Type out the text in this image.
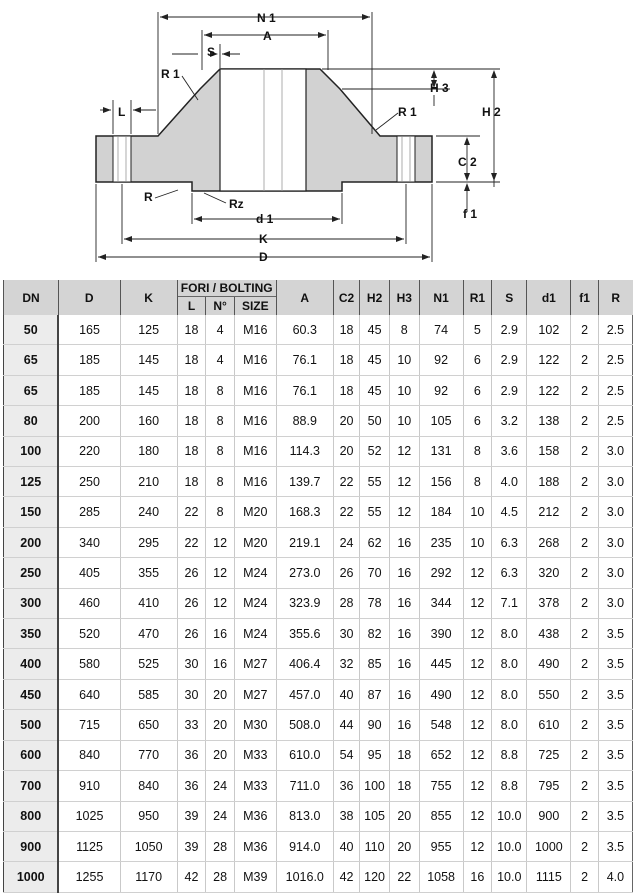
N 1
A
S
R 1
H 3
H 2
R 1
L
C 2
R	Rz
f 1
d 1
K
D
DN	D	K	FORI / BOLTING			A	C2	H2	H3	N1	R1	S	d1	f1	R
			L	N°	SIZE										
50	165	125	18	4	M16	60.3	18	45	8	74	5	2.9	102	2	2.5
65	185	145	18	4	M16	76.1	18	45	10	92	6	2.9	122	2	2.5
65	185	145	18	8	M16	76.1	18	45	10	92	6	2.9	122	2	2.5
80	200	160	18	8	M16	88.9	20	50	10	105	6	3.2	138	2	2.5
100	220	180	18	8	M16	114.3	20	52	12	131	8	3.6	158	2	3.0
125	250	210	18	8	M16	139.7	22	55	12	156	8	4.0	188	2	3.0
150	285	240	22	8	M20	168.3	22	55	12	184	10	4.5	212	2	3.0
200	340	295	22	12	M20	219.1	24	62	16	235	10	6.3	268	2	3.0
250	405	355	26	12	M24	273.0	26	70	16	292	12	6.3	320	2	3.0
300	460	410	26	12	M24	323.9	28	78	16	344	12	7.1	378	2	3.0
350	520	470	26	16	M24	355.6	30	82	16	390	12	8.0	438	2	3.5
400	580	525	30	16	M27	406.4	32	85	16	445	12	8.0	490	2	3.5
450	640	585	30	20	M27	457.0	40	87	16	490	12	8.0	550	2	3.5
500	715	650	33	20	M30	508.0	44	90	16	548	12	8.0	610	2	3.5
600	840	770	36	20	M33	610.0	54	95	18	652	12	8.8	725	2	3.5
700	910	840	36	24	M33	711.0	36	100	18	755	12	8.8	795	2	3.5
800	1025	950	39	24	M36	813.0	38	105	20	855	12	10.0	900	2	3.5
900	1125	1050	39	28	M36	914.0	40	110	20	955	12	10.0	1000	2	3.5
1000	1255	1170	42	28	M39	1016.0	42	120	22	1058	16	10.0	1115	2	4.0
